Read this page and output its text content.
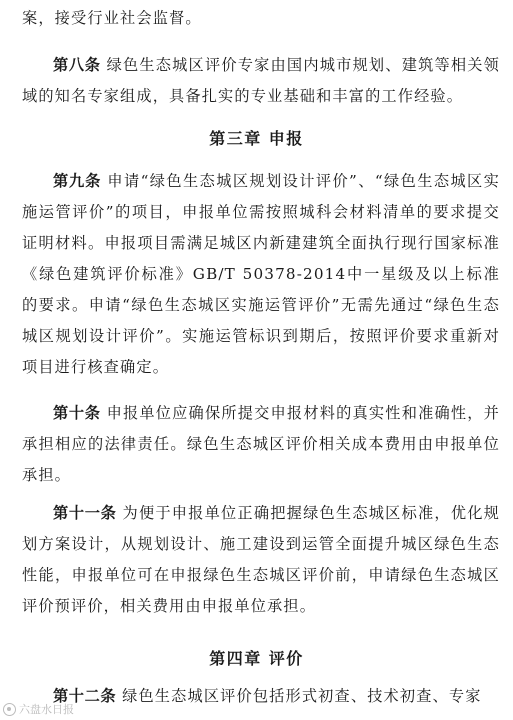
案，接受行业社会监督。

第八条 绿色生态城区评价专家由国内城市规划、建筑等相关领域的知名专家组成，具备扎实的专业基础和丰富的工作经验。

第三章 申报

第九条 申请“绿色生态城区规划设计评价”、“绿色生态城区实施运管评价”的项目，申报单位需按照城科会材料清单的要求提交证明材料。申报项目需满足城区内新建建筑全面执行现行国家标准《绿色建筑评价标准》GB/T 50378-2014中一星级及以上标准的要求。申请“绿色生态城区实施运管评价”无需先通过“绿色生态城区规划设计评价”。实施运管标识到期后，按照评价要求重新对项目进行核查确定。

第十条 申报单位应确保所提交申报材料的真实性和准确性，并承担相应的法律责任。绿色生态城区评价相关成本费用由申报单位承担。

第十一条 为便于申报单位正确把握绿色生态城区标准，优化规划方案设计，从规划设计、施工建设到运管全面提升城区绿色生态性能，申报单位可在申报绿色生态城区评价前，申请绿色生态城区评价预评价，相关费用由申报单位承担。

第四章 评价

第十二条 绿色生态城区评价包括形式初查、技术初查、专家

六盘水日报
